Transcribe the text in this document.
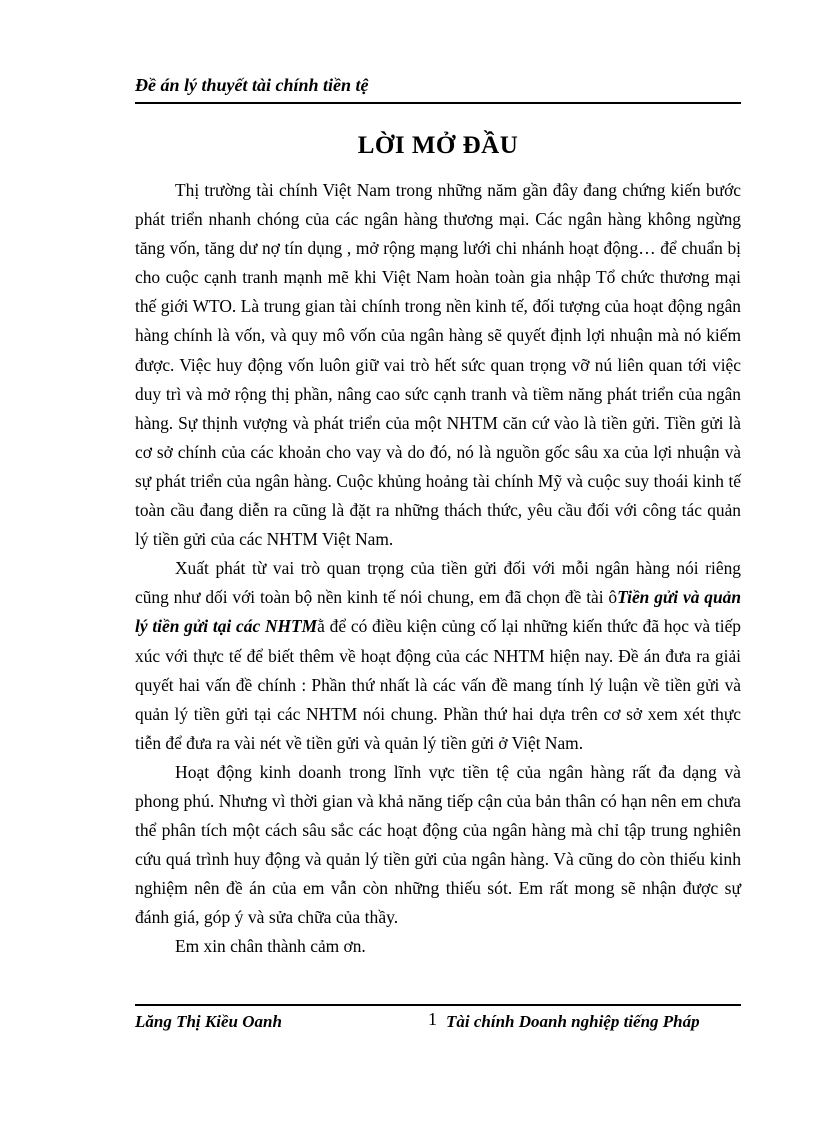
Đề án lý thuyết tài chính tiền tệ
LỜI MỞ ĐẦU

Thị trường tài chính Việt Nam trong những năm gần đây đang chứng kiến bước phát triển nhanh chóng của các ngân hàng thương mại. Các ngân hàng không ngừng tăng vốn, tăng dư nợ tín dụng , mở rộng mạng lưới chi nhánh hoạt động… để chuẩn bị cho cuộc cạnh tranh mạnh mẽ khi Việt Nam hoàn toàn gia nhập Tổ chức thương mại thế giới WTO. Là trung gian tài chính trong nền kinh tế, đối tượng của hoạt động ngân hàng chính là vốn, và quy mô vốn của ngân hàng sẽ quyết định lợi nhuận mà nó kiếm được. Việc huy động vốn luôn giữ vai trò hết sức quan trọng vỡ nú liên quan tới việc duy trì và mở rộng thị phần, nâng cao sức cạnh tranh và tiềm năng phát triển của ngân hàng. Sự thịnh vượng và phát triển của một NHTM căn cứ vào là tiền gửi. Tiền gửi là cơ sở chính của các khoản cho vay và do đó, nó là nguồn gốc sâu xa của lợi nhuận và sự phát triển của ngân hàng. Cuộc khủng hoảng tài chính Mỹ và cuộc suy thoái kinh tế toàn cầu đang diễn ra cũng là đặt ra những thách thức, yêu cầu đối với công tác quản lý tiền gửi của các NHTM Việt Nam.

Xuất phát từ vai trò quan trọng của tiền gửi đối với mỗi ngân hàng nói riêng cũng như dối với toàn bộ nền kinh tế nói chung, em đã chọn đề tài ôTiền gửi và quản lý tiền gửi tại các NHTMằ để có điều kiện củng cố lại những kiến thức đã học và tiếp xúc với thực tế để biết thêm về hoạt động của các NHTM hiện nay. Đề án đưa ra giải quyết hai vấn đề chính : Phần thứ nhất là các vấn đề mang tính lý luận về tiền gửi và quản lý tiền gửi tại các NHTM nói chung. Phần thứ hai dựa trên cơ sở xem xét thực tiễn để đưa ra vài nét về tiền gửi và quản lý tiền gửi ở Việt Nam.

Hoạt động kinh doanh trong lĩnh vực tiền tệ của ngân hàng rất đa dạng và phong phú. Nhưng vì thời gian và khả năng tiếp cận của bản thân có hạn nên em chưa thể phân tích một cách sâu sắc các hoạt động của ngân hàng mà chỉ tập trung nghiên cứu quá trình huy động và quản lý tiền gửi của ngân hàng. Và cũng do còn thiếu kinh nghiệm nên đề án của em vẫn còn những thiếu sót. Em rất mong sẽ nhận được sự đánh giá, góp ý và sửa chữa của thầy.

Em xin chân thành cảm ơn.

Lăng Thị Kiều Oanh	1 Tài chính Doanh nghiệp tiếng Pháp
